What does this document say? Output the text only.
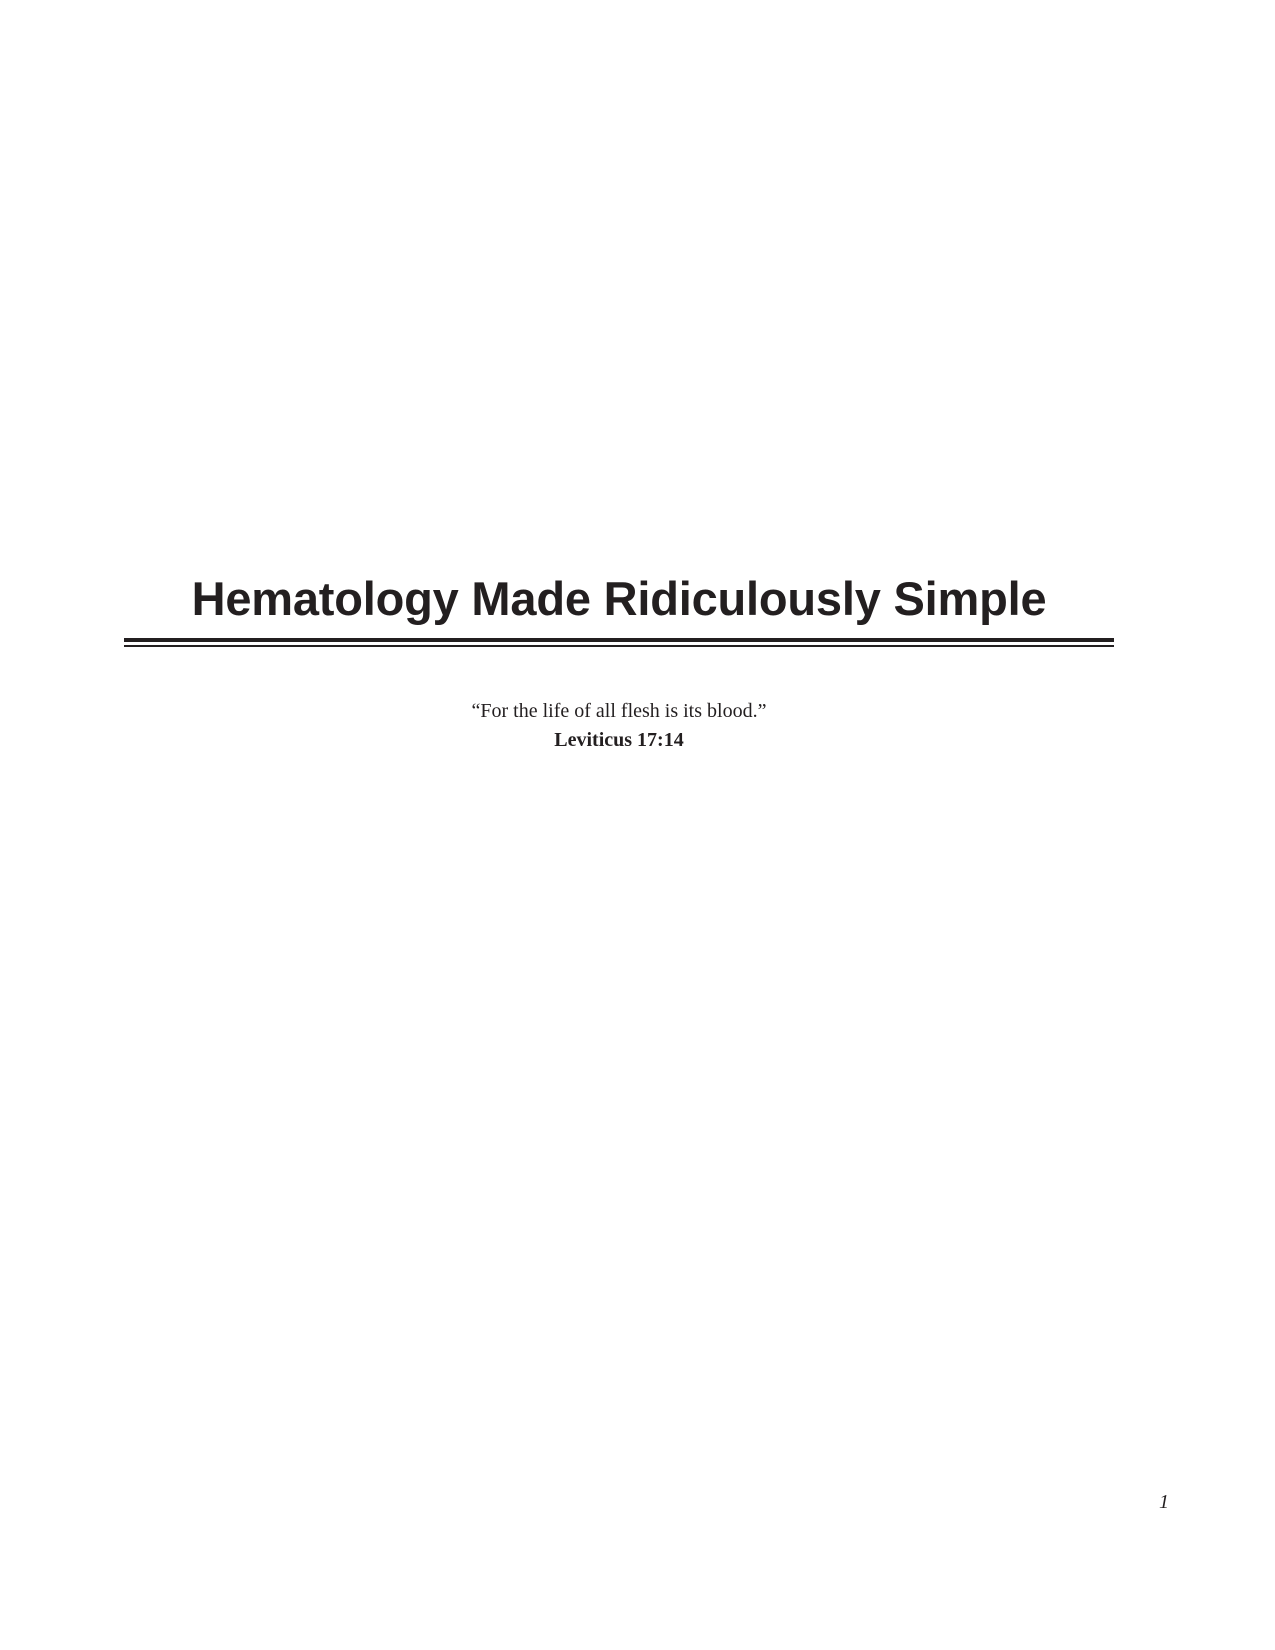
Hematology Made Ridiculously Simple

“For the life of all flesh is its blood.”

Leviticus 17:14

1
